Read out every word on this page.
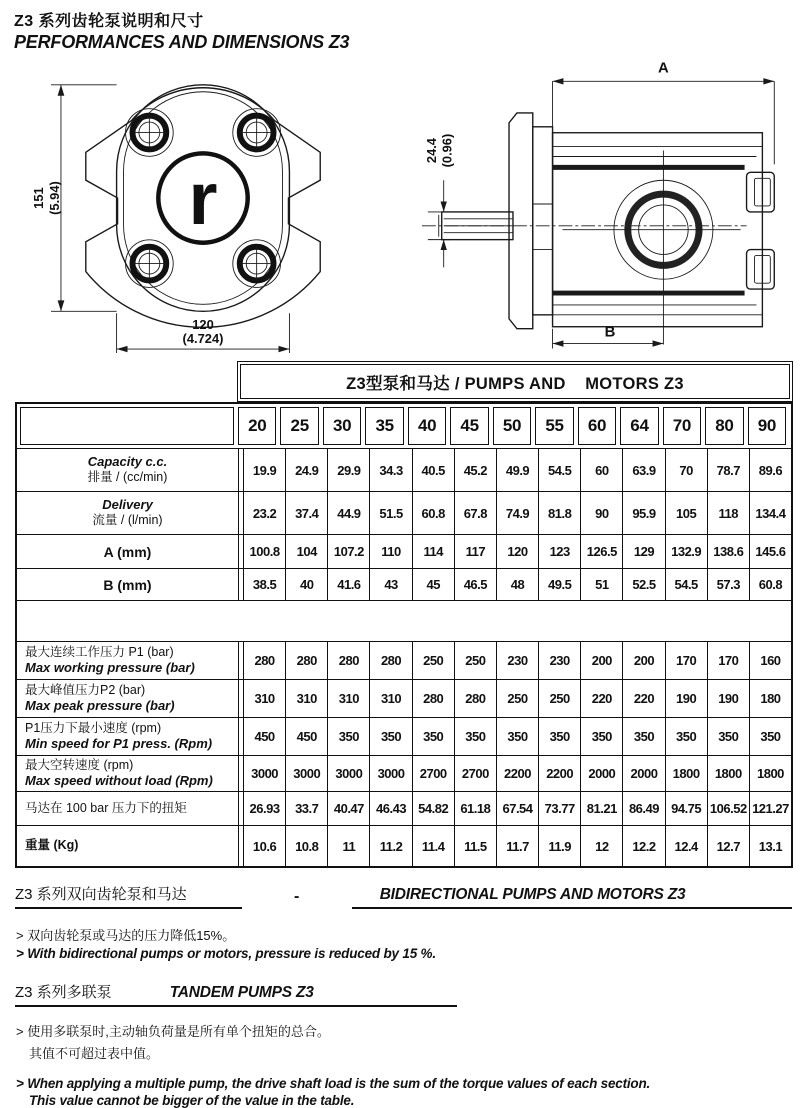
Z3 系列齿轮泵说明和尺寸
PERFORMANCES AND DIMENSIONS Z3
r
151 (5.94)
120
(4.724)
A
24.4 (0.96)
B
Z3型泵和马达 / PUMPS AND    MOTORS Z3
20	25	30	35	40	45	50	55	60	64	70	80	90
Capacity c.c.
排量 / (cc/min)	19.9	24.9	29.9	34.3	40.5	45.2	49.9	54.5	60	63.9	70	78.7	89.6
Delivery
流量 / (l/min)	23.2	37.4	44.9	51.5	60.8	67.8	74.9	81.8	90	95.9	105	118	134.4
A (mm)	100.8	104	107.2	110	114	117	120	123	126.5	129	132.9 138.6 145.6
B (mm)	38.5	40	41.6	43	45	46.5	48	49.5	51	52.5	54.5	57.3	60.8
最大连续工作压力 P1 (bar)
Max working pressure (bar)	280	280	280	280	250	250	230	230	200	200	170	170	160
最大峰值压力P2 (bar)
Max peak pressure (bar)	310	310	310	310	280	280	250	250	220	220	190	190	180
P1压力下最小速度 (rpm)
Min speed for P1 press. (Rpm)	450	450	350	350	350	350	350	350	350	350	350	350	350
最大空转速度 (rpm)
Max speed without load (Rpm)	3000	3000	3000	3000	2700	2700	2200	2200	2000	2000	1800	1800	1800
马达在 100 bar 压力下的扭矩	26.93	33.7	40.47 46.43 54.82 61.18 67.54 73.77 81.21 86.49 94.75 106.52 121.27
重量 (Kg)	10.6	10.8	11	11.2	11.4	11.5	11.7	11.9	12	12.2	12.4	12.7	13.1
Z3 系列双向齿轮泵和马达	-	BIDIRECTIONAL PUMPS AND MOTORS Z3
> 双向齿轮泵或马达的压力降低15%。
> With bidirectional pumps or motors, pressure is reduced by 15 %.
Z3 系列多联泵	TANDEM PUMPS Z3
> 使用多联泵时,主动轴负荷量是所有单个扭矩的总合。
其值不可超过表中值。
> When applying a multiple pump, the drive shaft load is the sum of the torque values of each section.
This value cannot be bigger of the value in the table.
